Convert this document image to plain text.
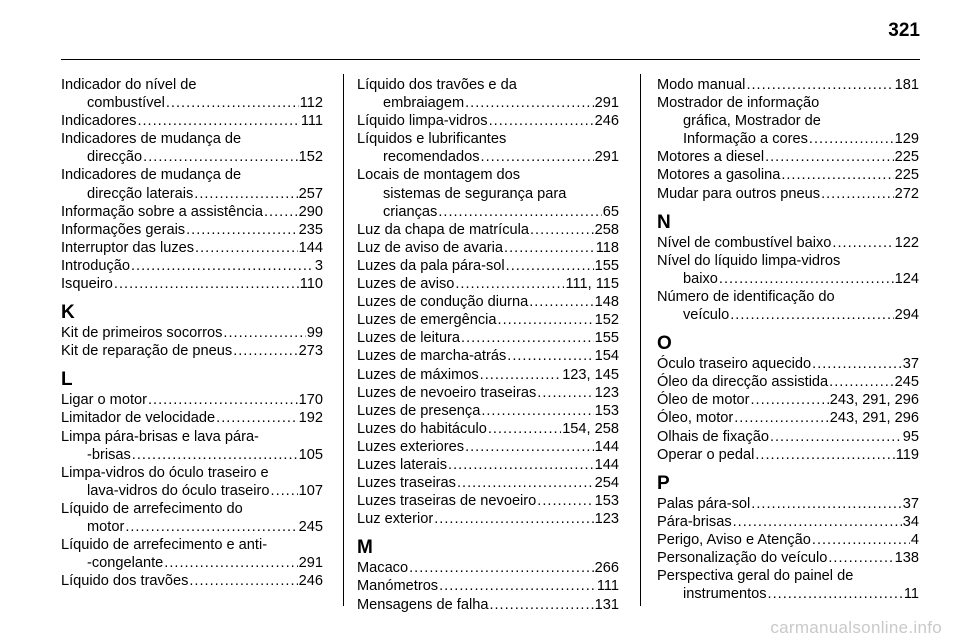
321
Indicador do nível de
combustível .....	112
Indicadores .....	111
Indicadores de mudança de
direcção .....	152
Indicadores de mudança de
direcção laterais .....	257
Informação sobre a assistência ..... 290
Informações gerais .....	235
Interruptor das luzes .....	144
Introdução .....	3
Isqueiro .....	110
K
Kit de primeiros socorros .....	99
Kit de reparação de pneus .....	273
L
Ligar o motor .....	170
Limitador de velocidade .....	192
Limpa pára-brisas e lava pára-
-brisas .....	105
Limpa-vidros do óculo traseiro e
lava-vidros do óculo traseiro ..... 107
Líquido de arrefecimento do
motor .....	245
Líquido de arrefecimento e anti-
-congelante .....	291
Líquido dos travões .....	246
Líquido dos travões e da
embraiagem .....	291
Líquido limpa-vidros .....	246
Líquidos e lubrificantes
recomendados .....	291
Locais de montagem dos
sistemas de segurança para
crianças .....	65
Luz da chapa de matrícula .....	258
Luz de aviso de avaria .....	118
Luzes da pala pára-sol .....	155
Luzes de aviso .....	111, 115
Luzes de condução diurna .....	148
Luzes de emergência .....	152
Luzes de leitura .....	155
Luzes de marcha-atrás .....	154
Luzes de máximos .....	123, 145
Luzes de nevoeiro traseiras .....	123
Luzes de presença .....	153
Luzes do habitáculo .....	154, 258
Luzes exteriores .....	144
Luzes laterais .....	144
Luzes traseiras .....	254
Luzes traseiras de nevoeiro .....	153
Luz exterior .....	123
M
Macaco .....	266
Manómetros .....	111
Mensagens de falha .....	131
Modo manual .....	181
Mostrador de informação
gráfica, Mostrador de
Informação a cores .....	129
Motores a diesel .....	225
Motores a gasolina .....	225
Mudar para outros pneus .....	272
N
Nível de combustível baixo .....	122
Nível do líquido limpa-vidros
baixo .....	124
Número de identificação do
veículo .....	294
O
Óculo traseiro aquecido .....	37
Óleo da direcção assistida .....	245
Óleo de motor .....	243, 291, 296
Óleo, motor .....	243, 291, 296
Olhais de fixação .....	95
Operar o pedal .....	119
P
Palas pára-sol .....	37
Pára-brisas .....	34
Perigo, Aviso e Atenção .....	4
Personalização do veículo .....	138
Perspectiva geral do painel de
instrumentos .....	11
carmanualsonline.info
